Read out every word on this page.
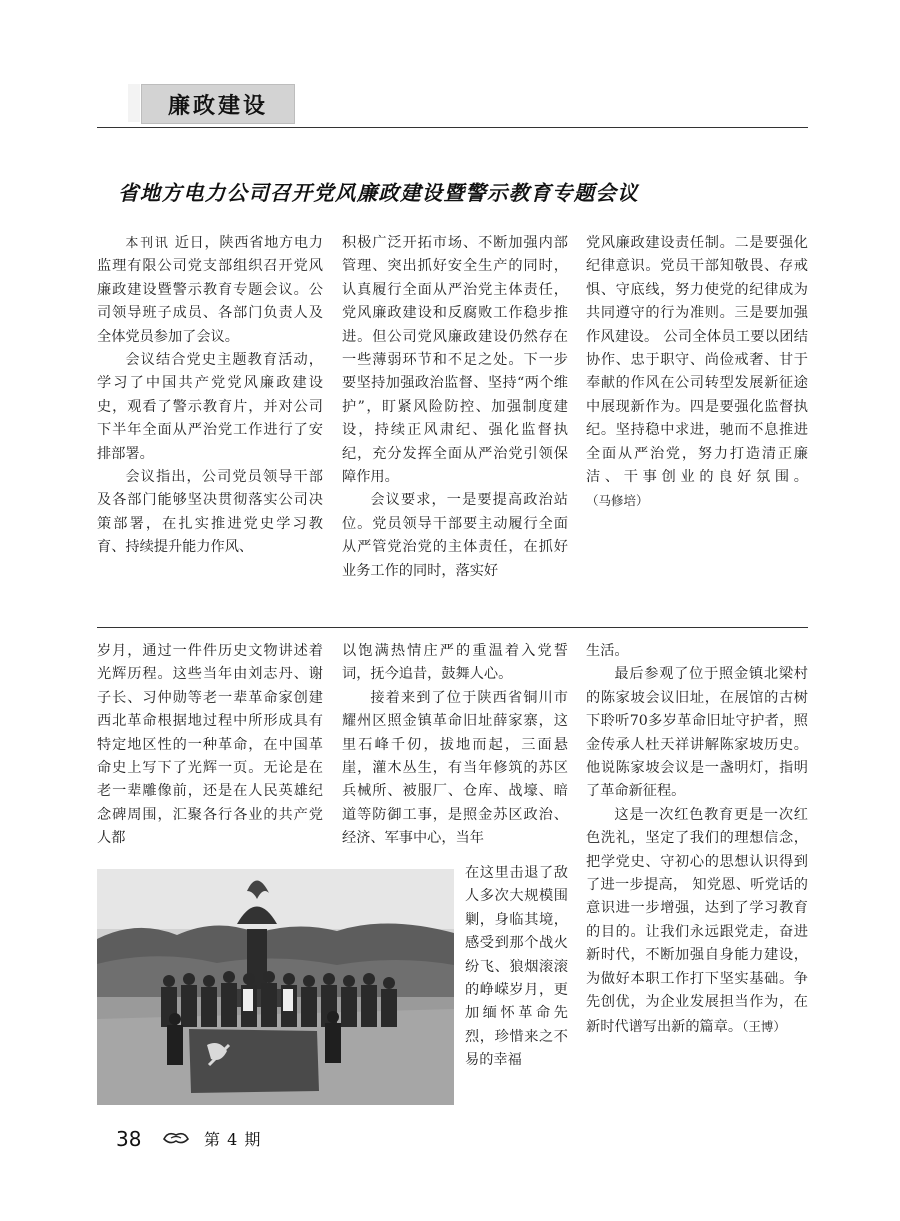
廉政建设
省地方电力公司召开党风廉政建设暨警示教育专题会议

本刊讯 近日，陕西省地方电力监理有限公司党支部组织召开党风廉政建设暨警示教育专题会议。公司领导班子成员、各部门负责人及全体党员参加了会议。

会议结合党史主题教育活动，学习了中国共产党党风廉政建设史，观看了警示教育片，并对公司下半年全面从严治党工作进行了安排部署。

会议指出，公司党员领导干部及各部门能够坚决贯彻落实公司决策部署，在扎实推进党史学习教育、持续提升能力作风、

积极广泛开拓市场、不断加强内部管理、突出抓好安全生产的同时，认真履行全面从严治党主体责任，党风廉政建设和反腐败工作稳步推进。但公司党风廉政建设仍然存在一些薄弱环节和不足之处。下一步要坚持加强政治监督、坚持“两个维护”，盯紧风险防控、加强制度建设，持续正风肃纪、强化监督执纪，充分发挥全面从严治党引领保障作用。

会议要求，一是要提高政治站位。党员领导干部要主动履行全面从严管党治党的主体责任，在抓好业务工作的同时，落实好

党风廉政建设责任制。二是要强化纪律意识。党员干部知敬畏、存戒惧、守底线，努力使党的纪律成为共同遵守的行为准则。三是要加强作风建设。 公司全体员工要以团结协作、忠于职守、尚俭戒奢、甘于奉献的作风在公司转型发展新征途中展现新作为。四是要强化监督执纪。坚持稳中求进，驰而不息推进全面从严治党，努力打造清正廉洁、干事创业的良好氛围。（马修培）

岁月，通过一件件历史文物讲述着光辉历程。这些当年由刘志丹、谢子长、习仲勋等老一辈革命家创建西北革命根据地过程中所形成具有特定地区性的一种革命，在中国革命史上写下了光辉一页。无论是在老一辈雕像前，还是在人民英雄纪念碑周围，汇聚各行各业的共产党人都

以饱满热情庄严的重温着入党誓词，抚今追昔，鼓舞人心。

接着来到了位于陕西省铜川市耀州区照金镇革命旧址薛家寨，这里石峰千仞，拔地而起，三面悬崖，灌木丛生，有当年修筑的苏区兵械所、被服厂、仓库、战壕、暗道等防御工事，是照金苏区政治、经济、军事中心，当年

在这里击退了敌人多次大规模围剿，身临其境，感受到那个战火纷飞、狼烟滚滚的峥嵘岁月，更加缅怀革命先烈，珍惜来之不易的幸福

生活。

最后参观了位于照金镇北梁村的陈家坡会议旧址，在展馆的古树下聆听70多岁革命旧址守护者，照金传承人杜天祥讲解陈家坡历史。他说陈家坡会议是一盏明灯，指明了革命新征程。

这是一次红色教育更是一次红色洗礼，坚定了我们的理想信念，把学党史、守初心的思想认识得到了进一步提高， 知党恩、听党话的意识进一步增强，达到了学习教育的目的。让我们永远跟党走，奋进新时代，不断加强自身能力建设，为做好本职工作打下坚实基础。争先创优，为企业发展担当作为，在新时代谱写出新的篇章。（王博）

38	第 4 期
